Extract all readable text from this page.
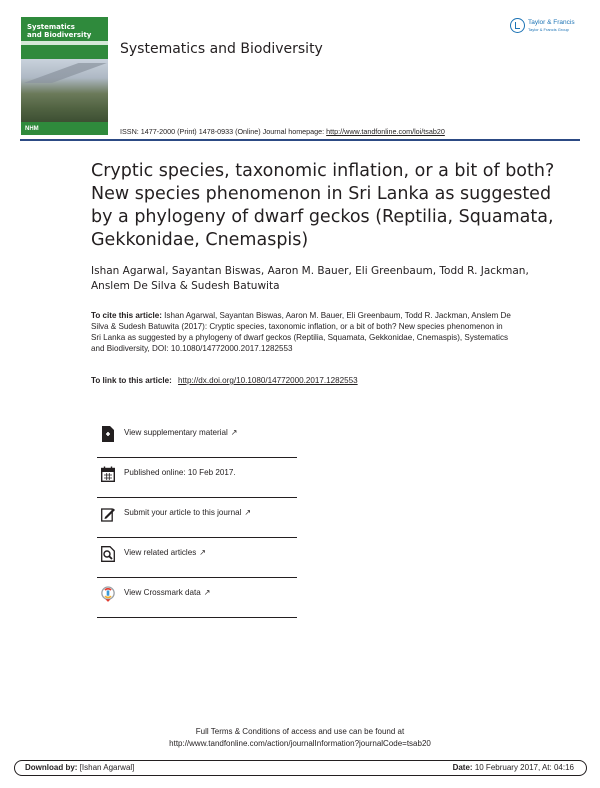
Systematics
and Biodiversity
NHM
Systematics and Biodiversity
Taylor & Francis
Taylor & Francis Group
ISSN: 1477-2000 (Print) 1478-0933 (Online) Journal homepage: http://www.tandfonline.com/loi/tsab20
Cryptic species, taxonomic inflation, or a bit of both? New species phenomenon in Sri Lanka as suggested by a phylogeny of dwarf geckos (Reptilia, Squamata, Gekkonidae, Cnemaspis)
Ishan Agarwal, Sayantan Biswas, Aaron M. Bauer, Eli Greenbaum, Todd R. Jackman, Anslem De Silva & Sudesh Batuwita
To cite this article: Ishan Agarwal, Sayantan Biswas, Aaron M. Bauer, Eli Greenbaum, Todd R. Jackman, Anslem De Silva & Sudesh Batuwita (2017): Cryptic species, taxonomic inflation, or a bit of both? New species phenomenon in Sri Lanka as suggested by a phylogeny of dwarf geckos (Reptilia, Squamata, Gekkonidae, Cnemaspis), Systematics and Biodiversity, DOI: 10.1080/14772000.2017.1282553
To link to this article: http://dx.doi.org/10.1080/14772000.2017.1282553
View supplementary material ↗
Published online: 10 Feb 2017.
Submit your article to this journal ↗
View related articles ↗
View Crossmark data ↗
Full Terms & Conditions of access and use can be found at
http://www.tandfonline.com/action/journalInformation?journalCode=tsab20
Download by: [Ishan Agarwal]	Date: 10 February 2017, At: 04:16
